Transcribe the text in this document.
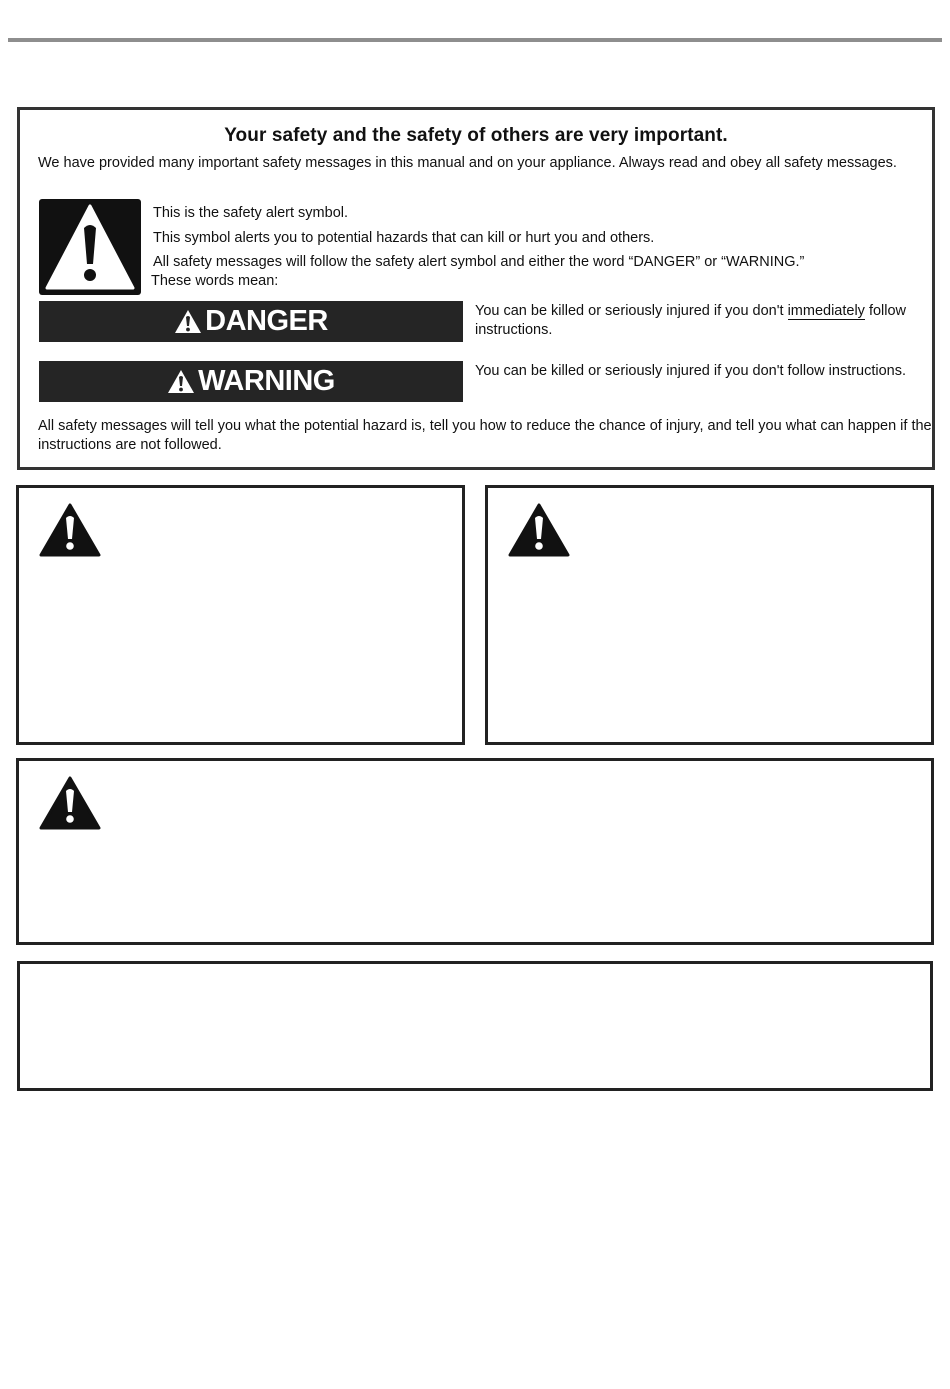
Your safety and the safety of others are very important.
We have provided many important safety messages in this manual and on your appliance. Always read and obey all safety messages.
This is the safety alert symbol.
This symbol alerts you to potential hazards that can kill or hurt you and others.
All safety messages will follow the safety alert symbol and either the word “DANGER” or “WARNING.”
These words mean:
DANGER	You can be killed or seriously injured if you don't immediately follow instructions.
WARNING	You can be killed or seriously injured if you don't follow instructions.
All safety messages will tell you what the potential hazard is, tell you how to reduce the chance of injury, and tell you what can happen if the instructions are not followed.
